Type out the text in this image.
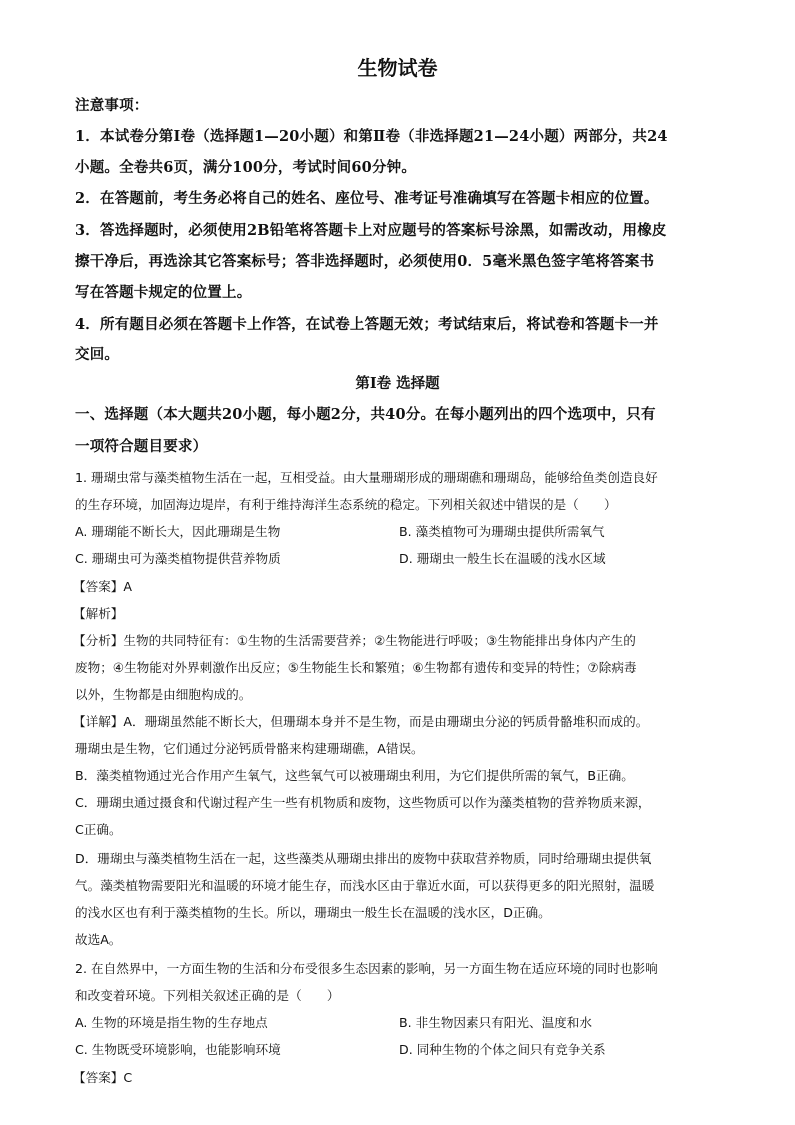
生物试卷
注意事项：
1．本试卷分第Ⅰ卷（选择题1—20小题）和第Ⅱ卷（非选择题21—24小题）两部分，共24
小题。全卷共6页，满分100分，考试时间60分钟。
2．在答题前，考生务必将自己的姓名、座位号、准考证号准确填写在答题卡相应的位置。
3．答选择题时，必须使用2B铅笔将答题卡上对应题号的答案标号涂黑，如需改动，用橡皮
擦干净后，再选涂其它答案标号；答非选择题时，必须使用0．5毫米黑色签字笔将答案书
写在答题卡规定的位置上。
4．所有题目必须在答题卡上作答，在试卷上答题无效；考试结束后，将试卷和答题卡一并
交回。
第Ⅰ卷 选择题
一、选择题（本大题共20小题，每小题2分，共40分。在每小题列出的四个选项中，只有
一项符合题目要求）
1. 珊瑚虫常与藻类植物生活在一起，互相受益。由大量珊瑚形成的珊瑚礁和珊瑚岛，能够给鱼类创造良好
的生存环境，加固海边堤岸，有利于维持海洋生态系统的稳定。下列相关叙述中错误的是（　　）
A. 珊瑚能不断长大，因此珊瑚是生物	B. 藻类植物可为珊瑚虫提供所需氧气
C. 珊瑚虫可为藻类植物提供营养物质	D. 珊瑚虫一般生长在温暖的浅水区域
【答案】A
【解析】
【分析】生物的共同特征有：①生物的生活需要营养；②生物能进行呼吸；③生物能排出身体内产生的
废物；④生物能对外界刺激作出反应；⑤生物能生长和繁殖；⑥生物都有遗传和变异的特性；⑦除病毒
以外，生物都是由细胞构成的。
【详解】A．珊瑚虽然能不断长大，但珊瑚本身并不是生物，而是由珊瑚虫分泌的钙质骨骼堆积而成的。
珊瑚虫是生物，它们通过分泌钙质骨骼来构建珊瑚礁，A错误。
B．藻类植物通过光合作用产生氧气，这些氧气可以被珊瑚虫利用，为它们提供所需的氧气，B正确。
C．珊瑚虫通过摄食和代谢过程产生一些有机物质和废物，这些物质可以作为藻类植物的营养物质来源，
C正确。
D．珊瑚虫与藻类植物生活在一起，这些藻类从珊瑚虫排出的废物中获取营养物质，同时给珊瑚虫提供氧
气。藻类植物需要阳光和温暖的环境才能生存，而浅水区由于靠近水面，可以获得更多的阳光照射，温暖
的浅水区也有利于藻类植物的生长。所以，珊瑚虫一般生长在温暖的浅水区，D正确。
故选A。
2. 在自然界中，一方面生物的生活和分布受很多生态因素的影响，另一方面生物在适应环境的同时也影响
和改变着环境。下列相关叙述正确的是（　　）
A. 生物的环境是指生物的生存地点	B. 非生物因素只有阳光、温度和水
C. 生物既受环境影响，也能影响环境	D. 同种生物的个体之间只有竞争关系
【答案】C
